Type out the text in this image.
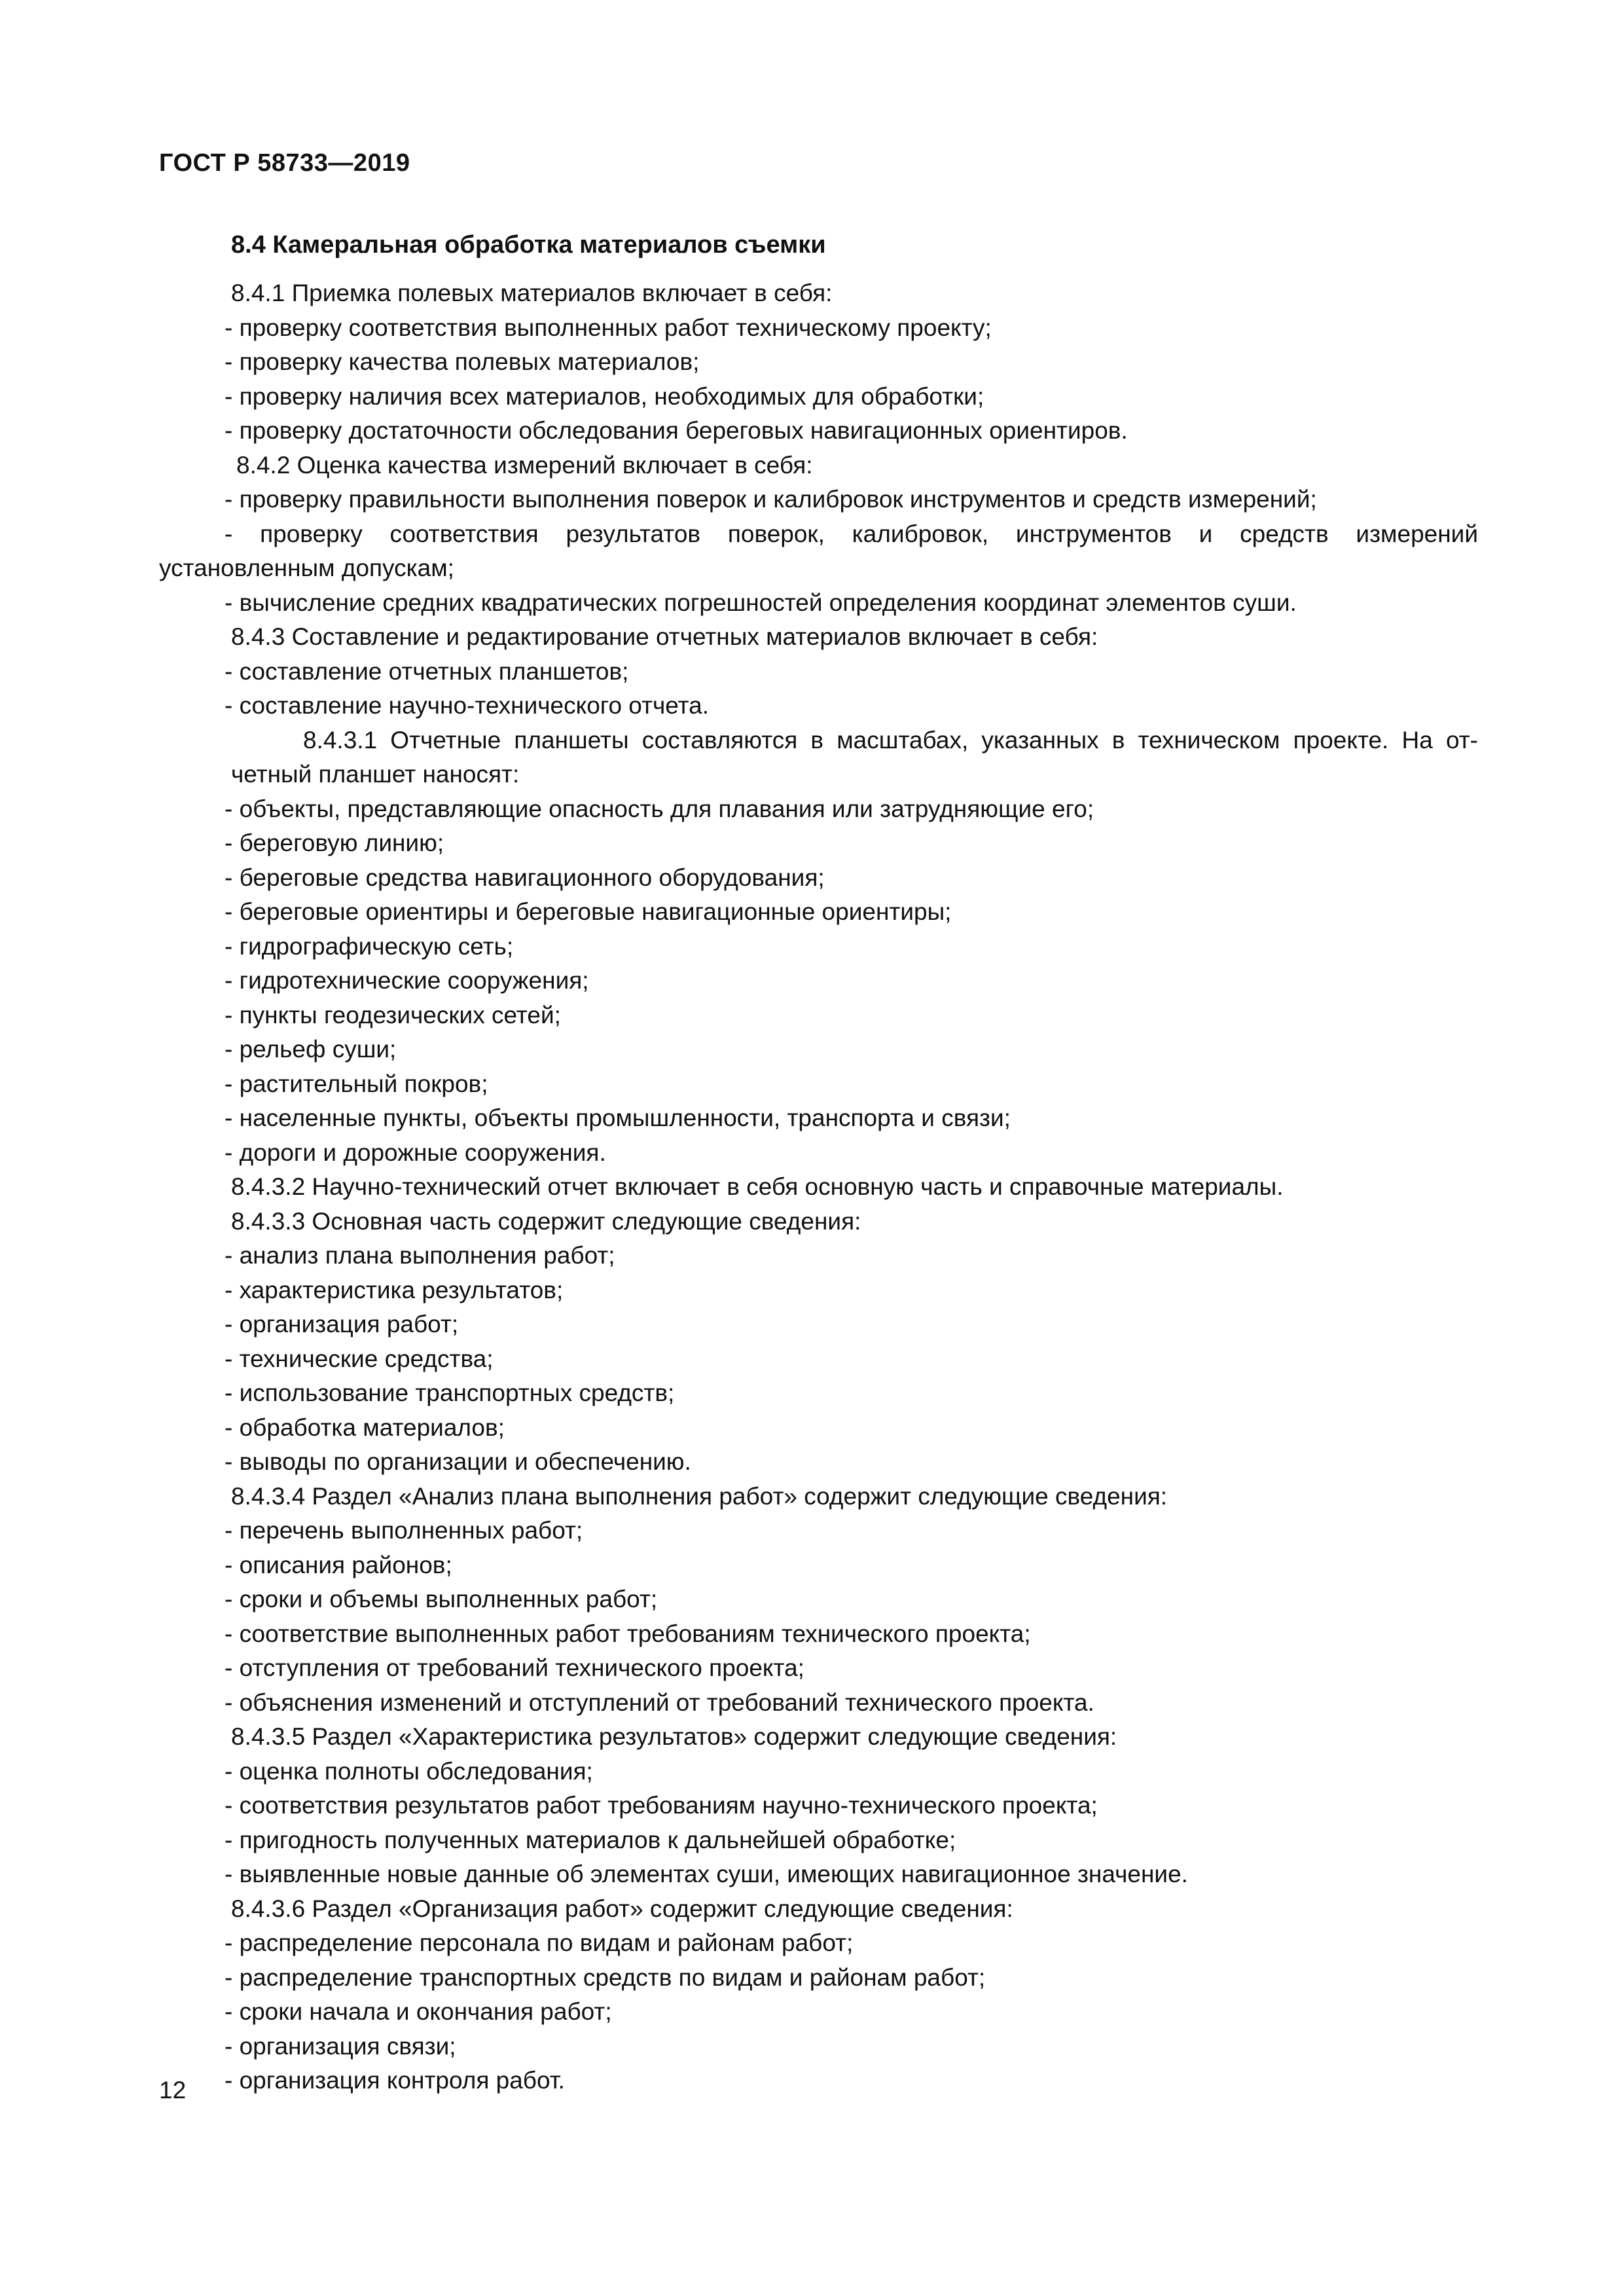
ГОСТ Р 58733—2019
8.4 Камеральная обработка материалов съемки
8.4.1 Приемка полевых материалов включает в себя:
- проверку соответствия выполненных работ техническому проекту;
- проверку качества полевых материалов;
- проверку наличия всех материалов, необходимых для обработки;
- проверку достаточности обследования береговых навигационных ориентиров.
8.4.2 Оценка качества измерений включает в себя:
- проверку правильности выполнения поверок и калибровок инструментов и средств измерений;
- проверку соответствия результатов поверок, калибровок, инструментов и средств измерений
установленным допускам;
- вычисление средних квадратических погрешностей определения координат элементов суши.
8.4.3 Составление и редактирование отчетных материалов включает в себя:
- составление отчетных планшетов;
- составление научно-технического отчета.
8.4.3.1 Отчетные планшеты составляются в масштабах, указанных в техническом проекте. На от-
четный планшет наносят:
- объекты, представляющие опасность для плавания или затрудняющие его;
- береговую линию;
- береговые средства навигационного оборудования;
- береговые ориентиры и береговые навигационные ориентиры;
- гидрографическую сеть;
- гидротехнические сооружения;
- пункты геодезических сетей;
- рельеф суши;
- растительный покров;
- населенные пункты, объекты промышленности, транспорта и связи;
- дороги и дорожные сооружения.
8.4.3.2 Научно-технический отчет включает в себя основную часть и справочные материалы.
8.4.3.3 Основная часть содержит следующие сведения:
- анализ плана выполнения работ;
- характеристика результатов;
- организация работ;
- технические средства;
- использование транспортных средств;
- обработка материалов;
- выводы по организации и обеспечению.
8.4.3.4 Раздел «Анализ плана выполнения работ» содержит следующие сведения:
- перечень выполненных работ;
- описания районов;
- сроки и объемы выполненных работ;
- соответствие выполненных работ требованиям технического проекта;
- отступления от требований технического проекта;
- объяснения изменений и отступлений от требований технического проекта.
8.4.3.5 Раздел «Характеристика результатов» содержит следующие сведения:
- оценка полноты обследования;
- соответствия результатов работ требованиям научно-технического проекта;
- пригодность полученных материалов к дальнейшей обработке;
- выявленные новые данные об элементах суши, имеющих навигационное значение.
8.4.3.6 Раздел «Организация работ» содержит следующие сведения:
- распределение персонала по видам и районам работ;
- распределение транспортных средств по видам и районам работ;
- сроки начала и окончания работ;
- организация связи;
- организация контроля работ.
12
